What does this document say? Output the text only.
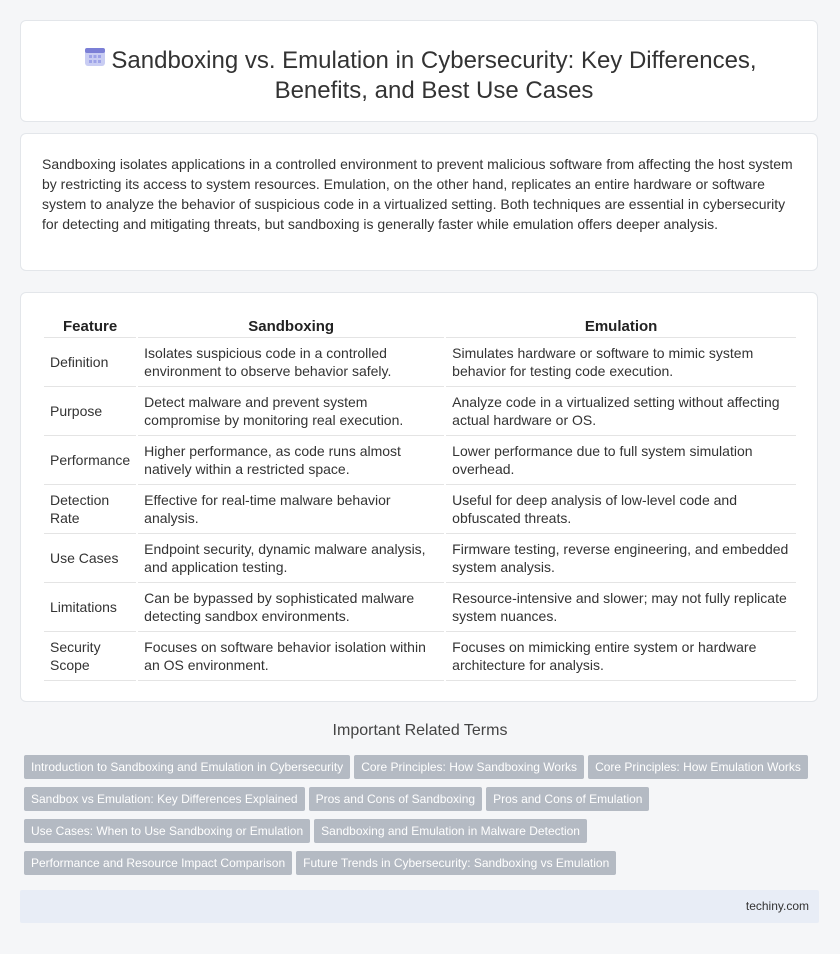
Sandboxing vs. Emulation in Cybersecurity: Key Differences, Benefits, and Best Use Cases
Sandboxing isolates applications in a controlled environment to prevent malicious software from affecting the host system by restricting its access to system resources. Emulation, on the other hand, replicates an entire hardware or software system to analyze the behavior of suspicious code in a virtualized setting. Both techniques are essential in cybersecurity for detecting and mitigating threats, but sandboxing is generally faster while emulation offers deeper analysis.
Feature	Sandboxing	Emulation
Definition	Isolates suspicious code in a controlled environment to observe behavior safely.	Simulates hardware or software to mimic system behavior for testing code execution.
Purpose	Detect malware and prevent system compromise by monitoring real execution.	Analyze code in a virtualized setting without affecting actual hardware or OS.
Performance	Higher performance, as code runs almost natively within a restricted space.	Lower performance due to full system simulation overhead.
Detection Rate	Effective for real-time malware behavior analysis.	Useful for deep analysis of low-level code and obfuscated threats.
Use Cases	Endpoint security, dynamic malware analysis, and application testing.	Firmware testing, reverse engineering, and embedded system analysis.
Limitations	Can be bypassed by sophisticated malware detecting sandbox environments.	Resource-intensive and slower; may not fully replicate system nuances.
Security Scope	Focuses on software behavior isolation within an OS environment.	Focuses on mimicking entire system or hardware architecture for analysis.
Important Related Terms
Introduction to Sandboxing and Emulation in Cybersecurity Core Principles: How Sandboxing Works Core Principles: How Emulation WorksSandbox vs Emulation: Key Differences Explained Pros and Cons of Sandboxing Pros and Cons of EmulationUse Cases: When to Use Sandboxing or Emulation Sandboxing and Emulation in Malware DetectionPerformance and Resource Impact Comparison Future Trends in Cybersecurity: Sandboxing vs Emulation
techiny.com
